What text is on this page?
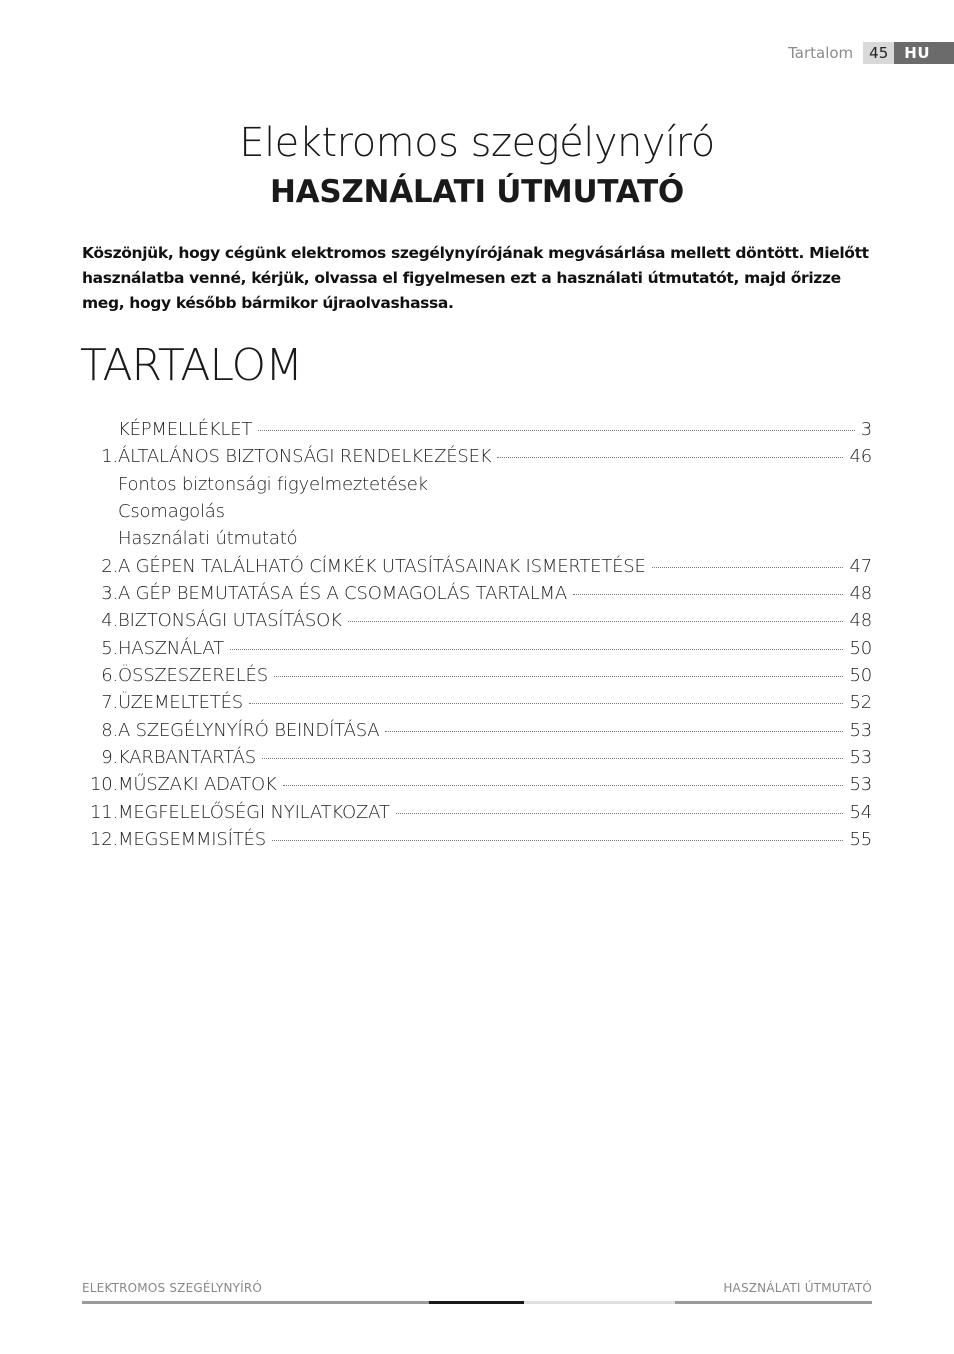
Tartalom	45	HU
Elektromos szegélynyíró
HASZNÁLATI ÚTMUTATÓ
Köszönjük, hogy cégünk elektromos szegélynyírójának megvásárlása mellett döntött. Mielőtt használatba venné, kérjük, olvassa el figyelmesen ezt a használati útmutatót, majd őrizze meg, hogy később bármikor újraolvashassa.
TARTALOM
KÉPMELLÉKLET	3
1. ÁLTALÁNOS BIZTONSÁGI RENDELKEZÉSEK	46
Fontos biztonsági figyelmeztetések
Csomagolás
Használati útmutató
2. A GÉPEN TALÁLHATÓ CÍMKÉK UTASÍTÁSAINAK ISMERTETÉSE	47
3. A GÉP BEMUTATÁSA ÉS A CSOMAGOLÁS TARTALMA	48
4. BIZTONSÁGI UTASÍTÁSOK	48
5. HASZNÁLAT	50
6. ÖSSZESZERELÉS	50
7. ÜZEMELTETÉS	52
8. A SZEGÉLYNYÍRÓ BEINDÍTÁSA	53
9. KARBANTARTÁS	53
10. MŰSZAKI ADATOK	53
11. MEGFELELŐSÉGI NYILATKOZAT	54
12. MEGSEMMISÍTÉS	55
ELEKTROMOS SZEGÉLYNYÍRÓ	HASZNÁLATI ÚTMUTATÓ
